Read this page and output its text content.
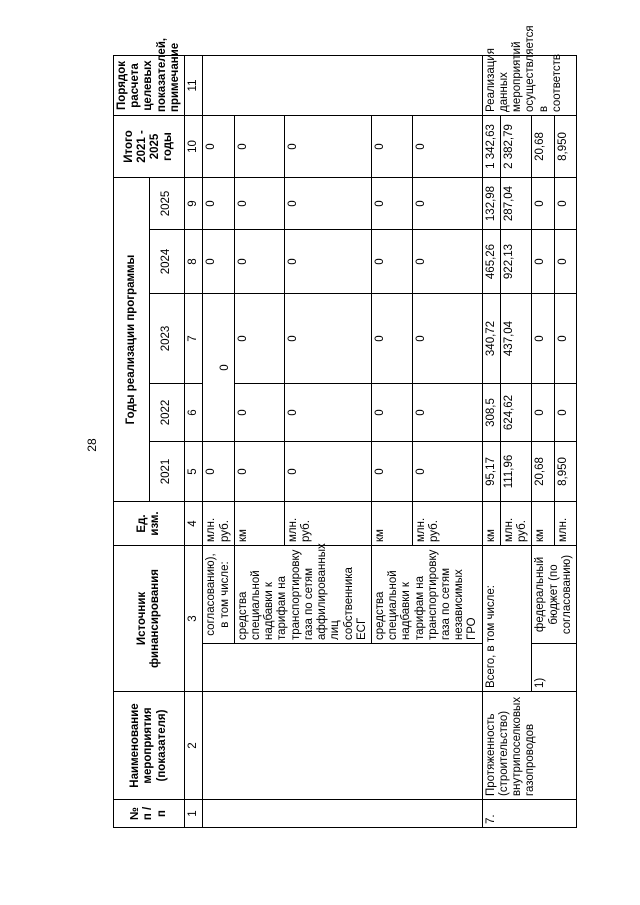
28
№ п / п	Наименование мероприятия (показателя)	Источник финансирования		Ед. изм.	Годы реализации программы					Итого 2021 - 2025 годы	Порядок расчета целевых показателей, примечание
					2021	2022	2023	2024	2025		
1	2	3		4	5	6	7	8	9	10	11
			согласованию), в том числе:	млн. руб.	0	0		0	0	0	
			средства специальной надбавки к тарифам на транспортировку газа по сетям аффилированных лиц собственника ЕСГ	км	0	0	0	0	0	0	
				млн. руб.	0	0	0	0	0	0	
			средства специальной надбавки к тарифам на транспортировку газа по сетям независимых ГРО	км	0	0	0	0	0	0	
				млн. руб.	0	0	0	0	0	0	
7.	Протяженность (строительство) внутрипоселковых газопроводов	Всего, в том числе:		км	95,17	308,5	340,72	465,26	132,98	1 342,63	Реализация данных мероприятий осуществляется в соответств
				млн. руб.	111,96	624,62	437,04	922,13	287,04	2 382,79	
		1)	федеральный бюджет (по согласованию)	км	20,68	0	0	0	0	20,68	
				млн.	8,950	0	0	0	0	8,950	
